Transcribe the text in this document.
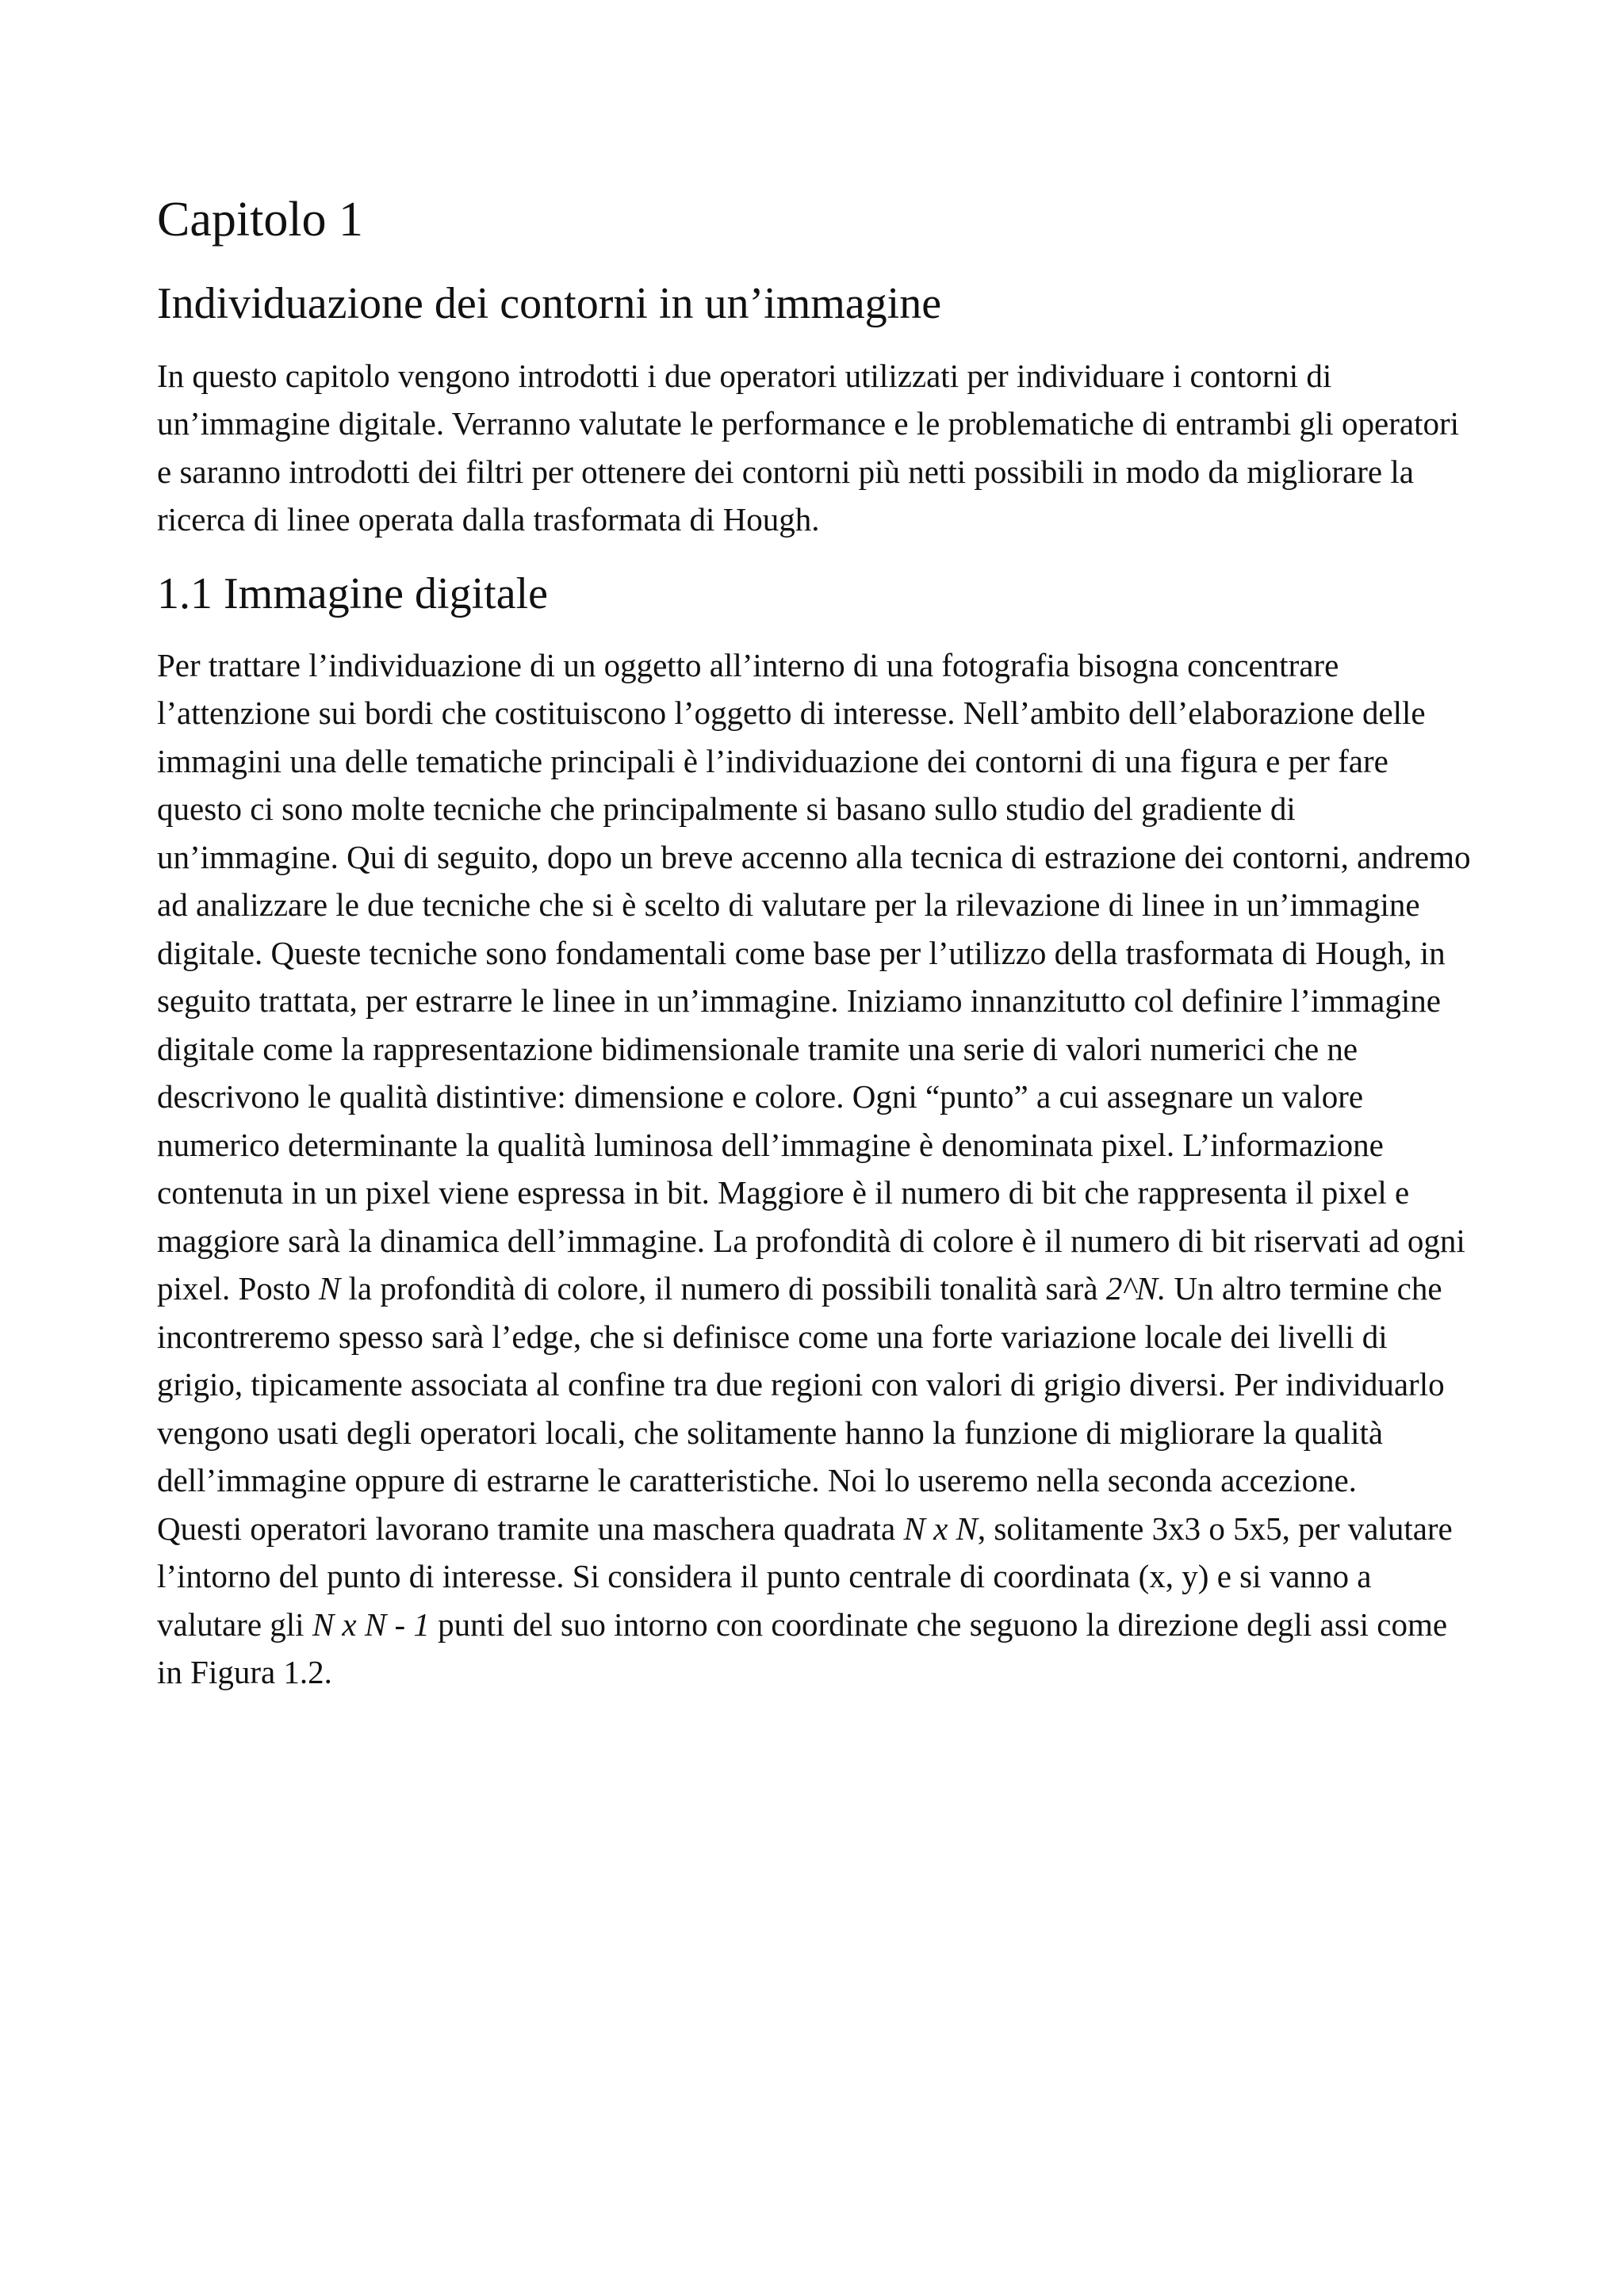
Capitolo 1
Individuazione dei contorni in un’immagine

In questo capitolo vengono introdotti i due operatori utilizzati per individuare i contorni di un’immagine digitale. Verranno valutate le performance e le problematiche di entrambi gli operatori e saranno introdotti dei filtri per ottenere dei contorni più netti possibili in modo da migliorare la ricerca di linee operata dalla trasformata di Hough.

1.1 Immagine digitale

Per trattare l’individuazione di un oggetto all’interno di una fotografia bisogna concentrare l’attenzione sui bordi che costituiscono l’oggetto di interesse. Nell’ambito dell’elaborazione delle immagini una delle tematiche principali è l’individuazione dei contorni di una figura e per fare questo ci sono molte tecniche che principalmente si basano sullo studio del gradiente di un’immagine. Qui di seguito, dopo un breve accenno alla tecnica di estrazione dei contorni, andremo ad analizzare le due tecniche che si è scelto di valutare per la rilevazione di linee in un’immagine digitale. Queste tecniche sono fondamentali come base per l’utilizzo della trasformata di Hough, in seguito trattata, per estrarre le linee in un’immagine. Iniziamo innanzitutto col definire l’immagine digitale come la rappresentazione bidimensionale tramite una serie di valori numerici che ne descrivono le qualità distintive: dimensione e colore. Ogni “punto” a cui assegnare un valore numerico determinante la qualità luminosa dell’immagine è denominata pixel. L’informazione contenuta in un pixel viene espressa in bit. Maggiore è il numero di bit che rappresenta il pixel e maggiore sarà la dinamica dell’immagine. La profondità di colore è il numero di bit riservati ad ogni pixel. Posto N la profondità di colore, il numero di possibili tonalità sarà 2^N. Un altro termine che incontreremo spesso sarà l’edge, che si definisce come una forte variazione locale dei livelli di grigio, tipicamente associata al confine tra due regioni con valori di grigio diversi. Per individuarlo vengono usati degli operatori locali, che solitamente hanno la funzione di migliorare la qualità dell’immagine oppure di estrarne le caratteristiche. Noi lo useremo nella seconda accezione.

Questi operatori lavorano tramite una maschera quadrata N x N, solitamente 3x3 o 5x5, per valutare l’intorno del punto di interesse. Si considera il punto centrale di coordinata (x, y) e si vanno a valutare gli N x N - 1 punti del suo intorno con coordinate che seguono la direzione degli assi come in Figura 1.2.
